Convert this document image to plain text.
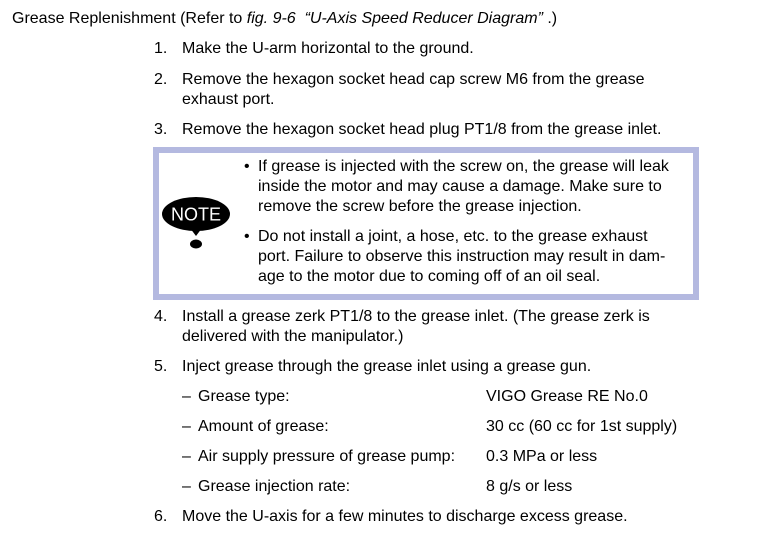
Grease Replenishment (Refer to fig. 9-6 “U-Axis Speed Reducer Diagram” .)
1. Make the U-arm horizontal to the ground.
2. Remove the hexagon socket head cap screw M6 from the grease
exhaust port.
3. Remove the hexagon socket head plug PT1/8 from the grease inlet.
NOTE
• If grease is injected with the screw on, the grease will leak
inside the motor and may cause a damage. Make sure to
remove the screw before the grease injection.
• Do not install a joint, a hose, etc. to the grease exhaust
port. Failure to observe this instruction may result in dam-
age to the motor due to coming off of an oil seal.
4. Install a grease zerk PT1/8 to the grease inlet. (The grease zerk is
delivered with the manipulator.)
5. Inject grease through the grease inlet using a grease gun.
– Grease type:	VIGO Grease RE No.0
– Amount of grease:	30 cc (60 cc for 1st supply)
– Air supply pressure of grease pump: 0.3 MPa or less
– Grease injection rate:	8 g/s or less
6. Move the U-axis for a few minutes to discharge excess grease.
